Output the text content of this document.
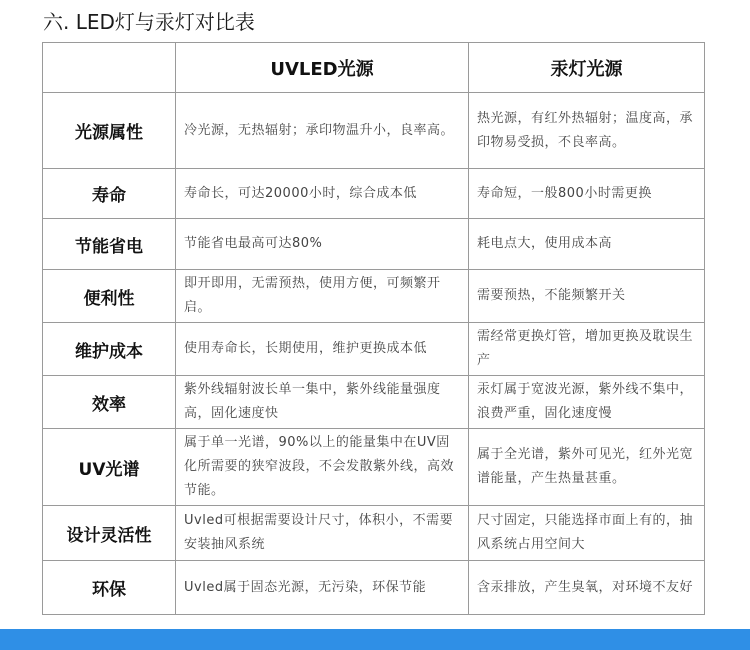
六. LED灯与汞灯对比表
	UVLED光源	汞灯光源
光源属性	冷光源，无热辐射；承印物温升小，良率高。	热光源，有红外热辐射；温度高，承印物易受损，不良率高。
寿命	寿命长，可达20000小时，综合成本低	寿命短，一般800小时需更换
节能省电	节能省电最高可达80%	耗电点大，使用成本高
便利性	即开即用，无需预热，使用方便，可频繁开启。	需要预热，不能频繁开关
维护成本	使用寿命长，长期使用，维护更换成本低	需经常更换灯管，增加更换及耽误生产
效率	紫外线辐射波长单一集中，紫外线能量强度高，固化速度快	汞灯属于宽波光源，紫外线不集中，浪费严重，固化速度慢
UV光谱	属于单一光谱，90%以上的能量集中在UV固化所需要的狭窄波段，不会发散紫外线，高效节能。	属于全光谱，紫外可见光，红外光宽谱能量，产生热量甚重。
设计灵活性	Uvled可根据需要设计尺寸，体积小，不需要安装抽风系统	尺寸固定，只能选择市面上有的，抽风系统占用空间大
环保	Uvled属于固态光源，无污染，环保节能	含汞排放，产生臭氧，对环境不友好
